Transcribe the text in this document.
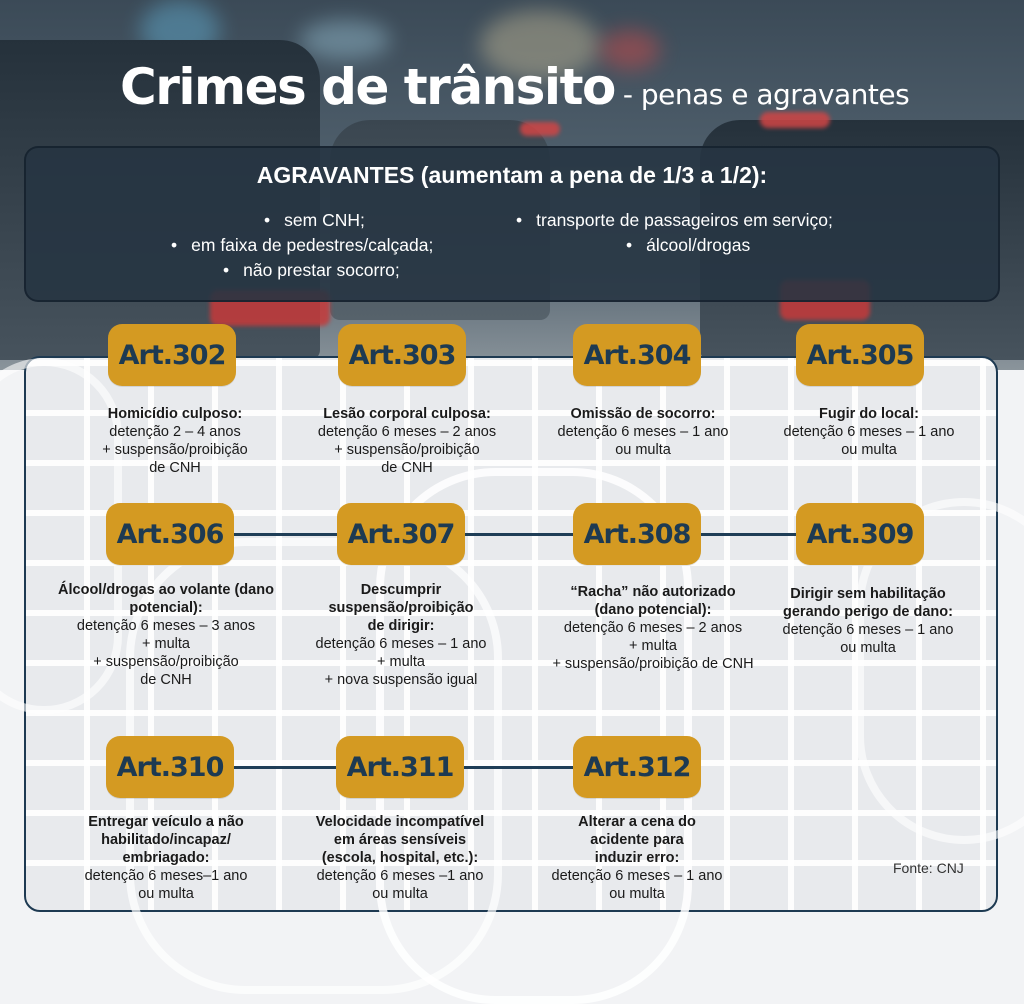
Crimes de trânsito - penas e agravantes
AGRAVANTES (aumentam a pena de 1/3 a 1/2):
• sem CNH;
• em faixa de pedestres/calçada;
• não prestar socorro;
• transporte de passageiros em serviço;
• álcool/drogas
Art.302	Art.303	Art.304	Art.305
Homicídio culposo:
detenção 2 – 4 anos
+ suspensão/proibição
de CNH
Lesão corporal culposa:
detenção 6 meses – 2 anos
+ suspensão/proibição
de CNH
Omissão de socorro:
detenção 6 meses – 1 ano
ou multa
Fugir do local:
detenção 6 meses – 1 ano
ou multa
Art.306	Art.307	Art.308	Art.309
Álcool/drogas ao volante (dano potencial):
detenção 6 meses – 3 anos
+ multa
+ suspensão/proibição
de CNH
Descumprir suspensão/proibição de dirigir:
detenção 6 meses – 1 ano
+ multa
+ nova suspensão igual
“Racha” não autorizado (dano potencial):
detenção 6 meses – 2 anos
+ multa
+ suspensão/proibição de CNH
Dirigir sem habilitação gerando perigo de dano:
detenção 6 meses – 1 ano
ou multa
Art.310	Art.311	Art.312
Entregar veículo a não habilitado/incapaz/ embriagado:
detenção 6 meses–1 ano
ou multa
Velocidade incompatível em áreas sensíveis (escola, hospital, etc.):
detenção 6 meses –1 ano
ou multa
Alterar a cena do acidente para induzir erro:
detenção 6 meses – 1 ano
ou multa
Fonte: CNJ
